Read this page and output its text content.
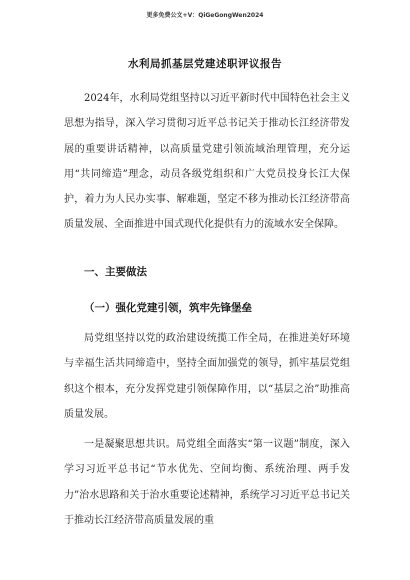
更多免费公文+V：QiGeGongWen2024
水利局抓基层党建述职评议报告

2024年，水利局党组坚持以习近平新时代中国特色社会主义思想为指导，深入学习贯彻习近平总书记关于推动长江经济带发展的重要讲话精神，以高质量党建引领流域治理管理，充分运用“共同缔造”理念，动员各级党组织和广大党员投身长江大保护，着力为人民办实事、解难题，坚定不移为推动长江经济带高质量发展、全面推进中国式现代化提供有力的流域水安全保障。

一、主要做法

（一）强化党建引领，筑牢先锋堡垒

局党组坚持以党的政治建设统揽工作全局，在推进美好环境与幸福生活共同缔造中，坚持全面加强党的领导，抓牢基层党组织这个根本，充分发挥党建引领保障作用，以“基层之治”助推高质量发展。

一是凝聚思想共识。局党组全面落实“第一议题”制度，深入学习习近平总书记“节水优先、空间均衡、系统治理、两手发力”治水思路和关于治水重要论述精神，系统学习习近平总书记关于推动长江经济带高质量发展的重
